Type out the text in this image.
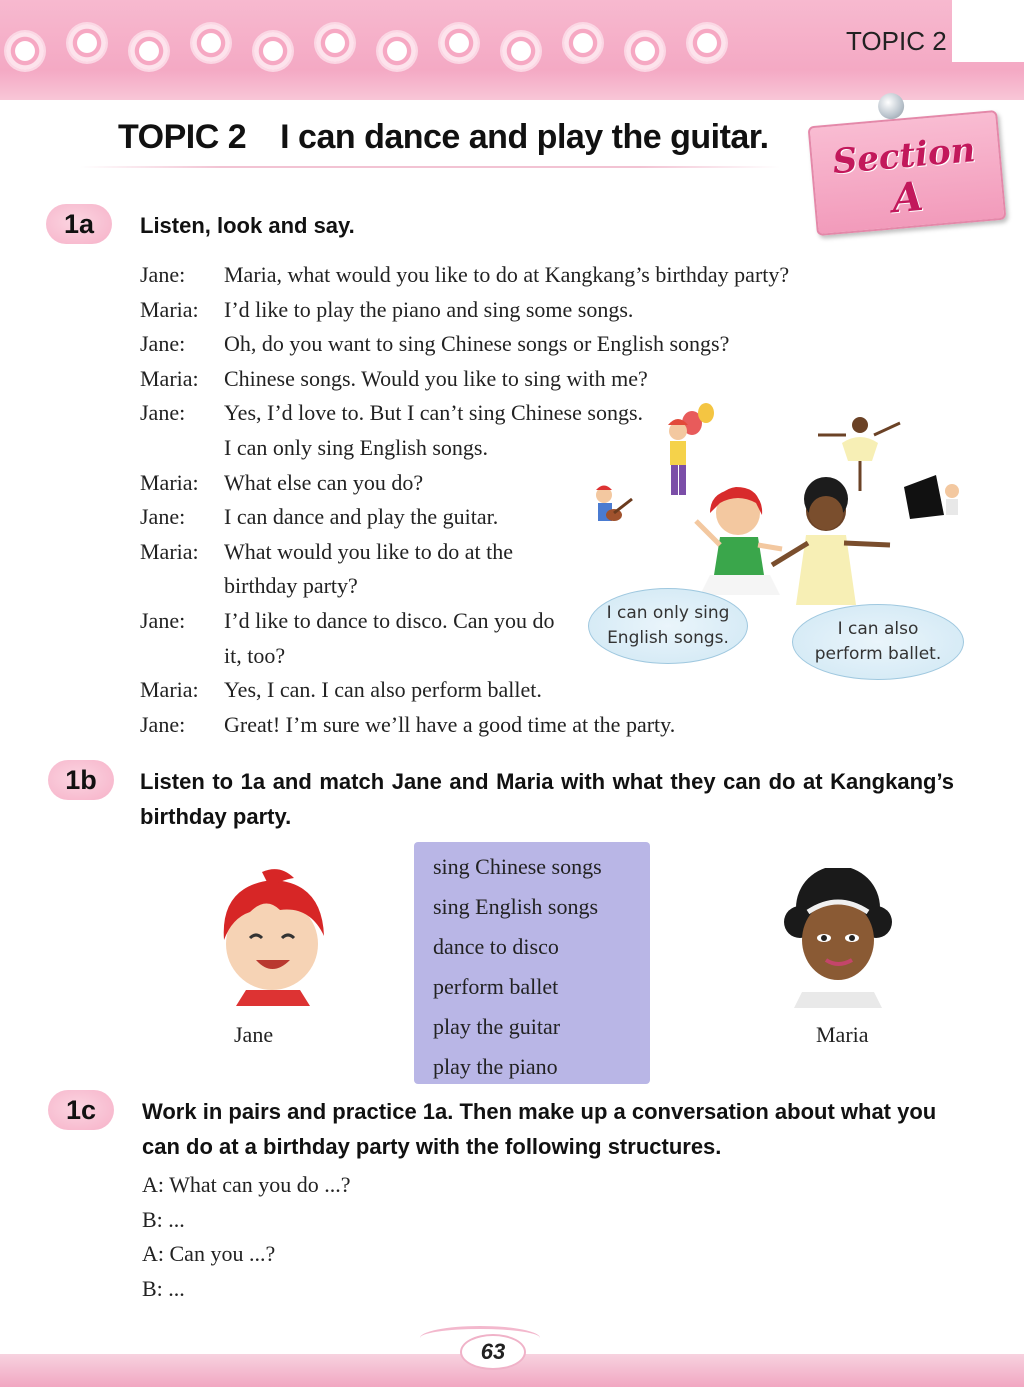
TOPIC 2
TOPIC 2 I can dance and play the guitar. Section
A
1a	Listen, look and say.
Jane:	Maria, what would you like to do at Kangkang’s birthday party?
Maria:	I’d like to play the piano and sing some songs.
Jane:	Oh, do you want to sing Chinese songs or English songs?
Maria:	Chinese songs. Would you like to sing with me?
Jane:	Yes, I’d love to. But I can’t sing Chinese songs. I can only sing English songs.
Maria:	What else can you do?
Jane:	I can dance and play the guitar.
Maria:	What would you like to do at the birthday party?
Jane:	I’d like to dance to disco. Can you do it, too?
Maria:	Yes, I can. I can also perform ballet.
Jane:	Great! I’m sure we’ll have a good time at the party.
I can only sing English songs.	I can also perform ballet.
1b	Listen to 1a and match Jane and Maria with what they can do at Kangkang’s birthday party.
Jane
sing Chinese songs
sing English songs
dance to disco
perform ballet
play the guitar
play the piano
Maria
1c	Work in pairs and practice 1a. Then make up a conversation about what you can do at a birthday party with the following structures.
A: What can you do ...?
B: ...
A: Can you ...?
B: ...
63
